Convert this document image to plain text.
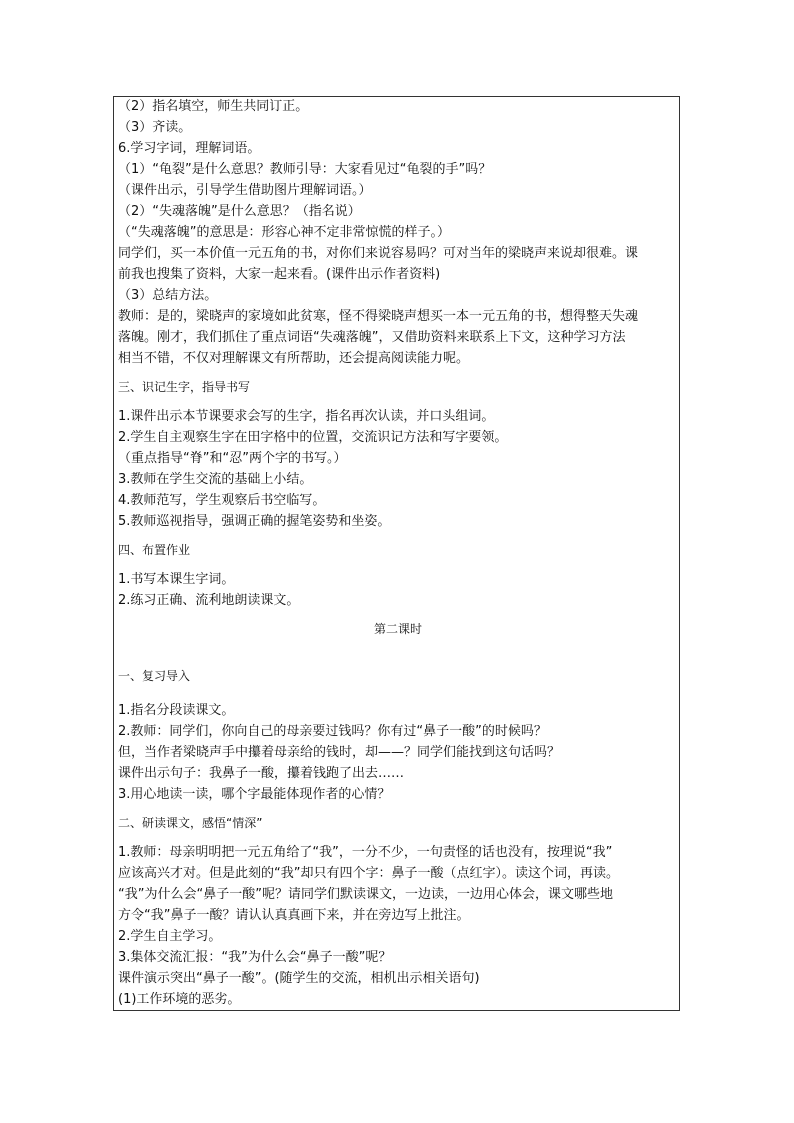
（2）指名填空，师生共同订正。
（3）齐读。
6.学习字词，理解词语。
（1）“龟裂”是什么意思？教师引导：大家看见过“龟裂的手”吗？
（课件出示，引导学生借助图片理解词语。）
（2）“失魂落魄”是什么意思？（指名说）
（“失魂落魄”的意思是：形容心神不定非常惊慌的样子。）
同学们，买一本价值一元五角的书，对你们来说容易吗？可对当年的梁晓声来说却很难。课
前我也搜集了资料，大家一起来看。(课件出示作者资料)
（3）总结方法。
教师：是的，梁晓声的家境如此贫寒，怪不得梁晓声想买一本一元五角的书，想得整天失魂
落魄。刚才，我们抓住了重点词语“失魂落魄”，又借助资料来联系上下文，这种学习方法
相当不错，不仅对理解课文有所帮助，还会提高阅读能力呢。
三、识记生字，指导书写
1.课件出示本节课要求会写的生字，指名再次认读，并口头组词。
2.学生自主观察生字在田字格中的位置，交流识记方法和写字要领。
（重点指导“脊”和“忍”两个字的书写。）
3.教师在学生交流的基础上小结。
4.教师范写，学生观察后书空临写。
5.教师巡视指导，强调正确的握笔姿势和坐姿。
四、布置作业
1.书写本课生字词。
2.练习正确、流利地朗读课文。
第二课时
一、复习导入
1.指名分段读课文。
2.教师：同学们，你向自己的母亲要过钱吗？你有过“鼻子一酸”的时候吗？
但，当作者梁晓声手中攥着母亲给的钱时，却——？同学们能找到这句话吗？
课件出示句子：我鼻子一酸，攥着钱跑了出去……
3.用心地读一读，哪个字最能体现作者的心情？
二、研读课文，感悟“情深”
1.教师：母亲明明把一元五角给了“我”，一分不少，一句责怪的话也没有，按理说“我”
应该高兴才对。但是此刻的“我”却只有四个字：鼻子一酸（点红字）。读这个词，再读。
“我”为什么会“鼻子一酸”呢？请同学们默读课文，一边读，一边用心体会，课文哪些地
方令“我”鼻子一酸？请认认真真画下来，并在旁边写上批注。
2.学生自主学习。
3.集体交流汇报：“我”为什么会“鼻子一酸”呢？
课件演示突出“鼻子一酸”。(随学生的交流，相机出示相关语句)
(1)工作环境的恶劣。
